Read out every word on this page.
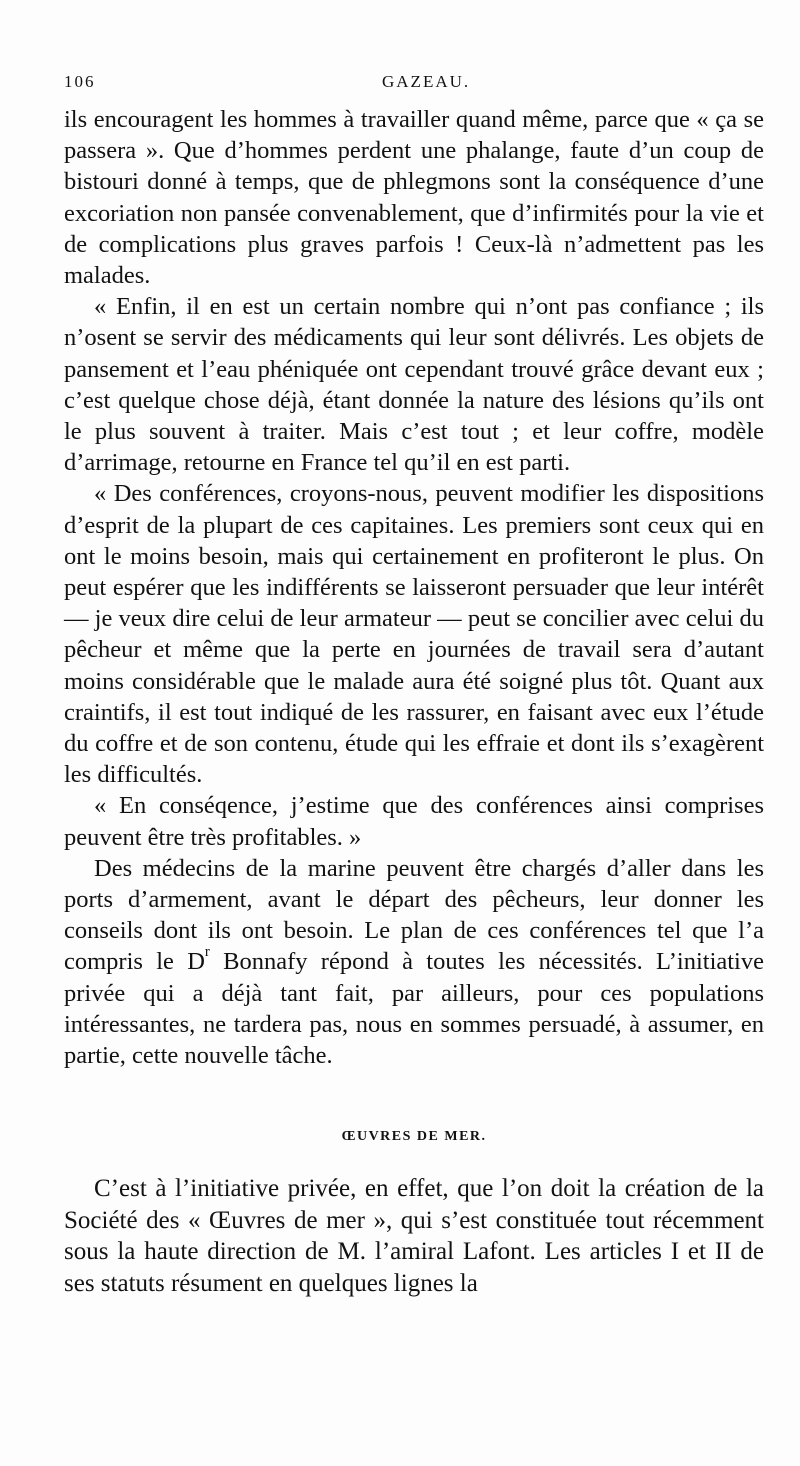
106	GAZEAU.

ils encouragent les hommes à travailler quand même, parce que « ça se passera ». Que d’hommes perdent une phalange, faute d’un coup de bistouri donné à temps, que de phlegmons sont la conséquence d’une excoriation non pansée convenablement, que d’infirmités pour la vie et de complications plus graves parfois ! Ceux-là n’admettent pas les malades.

« Enfin, il en est un certain nombre qui n’ont pas confiance ; ils n’osent se servir des médicaments qui leur sont délivrés. Les objets de pansement et l’eau phéniquée ont cependant trouvé grâce devant eux ; c’est quelque chose déjà, étant donnée la nature des lésions qu’ils ont le plus souvent à traiter. Mais c’est tout ; et leur coffre, modèle d’arrimage, retourne en France tel qu’il en est parti.

« Des conférences, croyons-nous, peuvent modifier les dispositions d’esprit de la plupart de ces capitaines. Les premiers sont ceux qui en ont le moins besoin, mais qui certainement en profiteront le plus. On peut espérer que les indifférents se laisseront persuader que leur intérêt — je veux dire celui de leur armateur — peut se concilier avec celui du pêcheur et même que la perte en journées de travail sera d’autant moins considérable que le malade aura été soigné plus tôt. Quant aux craintifs, il est tout indiqué de les rassurer, en faisant avec eux l’étude du coffre et de son contenu, étude qui les effraie et dont ils s’exagèrent les difficultés.

« En conséqence, j’estime que des conférences ainsi comprises peuvent être très profitables. »

Des médecins de la marine peuvent être chargés d’aller dans les ports d’armement, avant le départ des pêcheurs, leur donner les conseils dont ils ont besoin. Le plan de ces conférences tel que l’a compris le $D^r$ Bonnafy répond à toutes les nécessités. L’initiative privée qui a déjà tant fait, par ailleurs, pour ces populations intéressantes, ne tardera pas, nous en sommes persuadé, à assumer, en partie, cette nouvelle tâche.

ŒUVRES DE MER.

C’est à l’initiative privée, en effet, que l’on doit la création de la Société des « Œuvres de mer », qui s’est constituée tout récemment sous la haute direction de M. l’amiral Lafont. Les articles I et II de ses statuts résument en quelques lignes la
